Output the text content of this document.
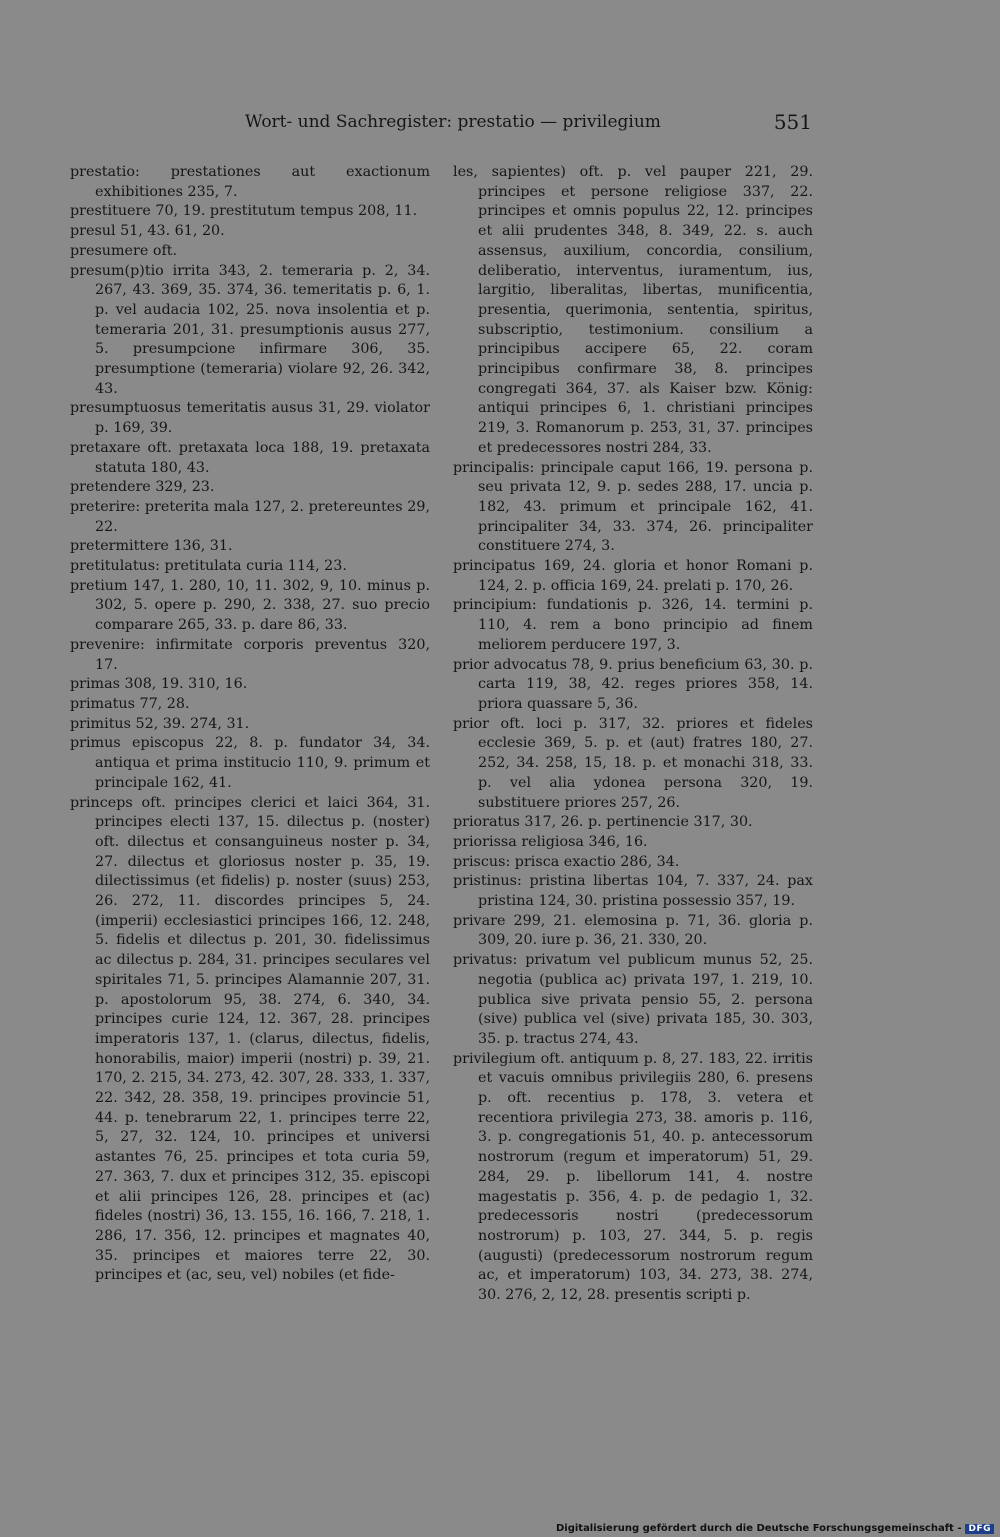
Wort- und Sachregister: prestatio — privilegium	551
prestatio: prestationes aut exactionum exhibitiones 235, 7.
prestituere 70, 19. prestitutum tempus 208, 11.
presul 51, 43. 61, 20.
presumere oft.
presum(p)tio irrita 343, 2. temeraria p. 2, 34. 267, 43. 369, 35. 374, 36. temeritatis p. 6, 1. p. vel audacia 102, 25. nova insolentia et p. temeraria 201, 31. presumptionis ausus 277, 5. presumpcione infirmare 306, 35. presumptione (temeraria) violare 92, 26. 342, 43.
presumptuosus temeritatis ausus 31, 29. violator p. 169, 39.
pretaxare oft. pretaxata loca 188, 19. pretaxata statuta 180, 43.
pretendere 329, 23.
preterire: preterita mala 127, 2. pretereuntes 29, 22.
pretermittere 136, 31.
pretitulatus: pretitulata curia 114, 23.
pretium 147, 1. 280, 10, 11. 302, 9, 10. minus p. 302, 5. opere p. 290, 2. 338, 27. suo precio comparare 265, 33. p. dare 86, 33.
prevenire: infirmitate corporis preventus 320, 17.
primas 308, 19. 310, 16.
primatus 77, 28.
primitus 52, 39. 274, 31.
primus episcopus 22, 8. p. fundator 34, 34. antiqua et prima institucio 110, 9. primum et principale 162, 41.
princeps oft. principes clerici et laici 364, 31. principes electi 137, 15. dilectus p. (noster) oft. dilectus et consanguineus noster p. 34, 27. dilectus et gloriosus noster p. 35, 19. dilectissimus (et fidelis) p. noster (suus) 253, 26. 272, 11. discordes principes 5, 24. (imperii) ecclesiastici principes 166, 12. 248, 5. fidelis et dilectus p. 201, 30. fidelissimus ac dilectus p. 284, 31. principes seculares vel spiritales 71, 5. principes Alamannie 207, 31. p. apostolorum 95, 38. 274, 6. 340, 34. principes curie 124, 12. 367, 28. principes imperatoris 137, 1. (clarus, dilectus, fidelis, honorabilis, maior) imperii (nostri) p. 39, 21. 170, 2. 215, 34. 273, 42. 307, 28. 333, 1. 337, 22. 342, 28. 358, 19. principes provincie 51, 44. p. tenebrarum 22, 1. principes terre 22, 5, 27, 32. 124, 10. principes et universi astantes 76, 25. principes et tota curia 59, 27. 363, 7. dux et principes 312, 35. episcopi et alii principes 126, 28. principes et (ac) fideles (nostri) 36, 13. 155, 16. 166, 7. 218, 1. 286, 17. 356, 12. principes et magnates 40, 35. principes et maiores terre 22, 30. principes et (ac, seu, vel) nobiles (et fide-
les, sapientes) oft. p. vel pauper 221, 29. principes et persone religiose 337, 22. principes et omnis populus 22, 12. principes et alii prudentes 348, 8. 349, 22. s. auch assensus, auxilium, concordia, consilium, deliberatio, interventus, iuramentum, ius, largitio, liberalitas, libertas, munificentia, presentia, querimonia, sententia, spiritus, subscriptio, testimonium. consilium a principibus accipere 65, 22. coram principibus confirmare 38, 8. principes congregati 364, 37. als Kaiser bzw. König: antiqui principes 6, 1. christiani principes 219, 3. Romanorum p. 253, 31, 37. principes et predecessores nostri 284, 33.
principalis: principale caput 166, 19. persona p. seu privata 12, 9. p. sedes 288, 17. uncia p. 182, 43. primum et principale 162, 41. principaliter 34, 33. 374, 26. principaliter constituere 274, 3.
principatus 169, 24. gloria et honor Romani p. 124, 2. p. officia 169, 24. prelati p. 170, 26.
principium: fundationis p. 326, 14. termini p. 110, 4. rem a bono principio ad finem meliorem perducere 197, 3.
prior advocatus 78, 9. prius beneficium 63, 30. p. carta 119, 38, 42. reges priores 358, 14. priora quassare 5, 36.
prior oft. loci p. 317, 32. priores et fideles ecclesie 369, 5. p. et (aut) fratres 180, 27. 252, 34. 258, 15, 18. p. et monachi 318, 33. p. vel alia ydonea persona 320, 19. substituere priores 257, 26.
prioratus 317, 26. p. pertinencie 317, 30.
priorissa religiosa 346, 16.
priscus: prisca exactio 286, 34.
pristinus: pristina libertas 104, 7. 337, 24. pax pristina 124, 30. pristina possessio 357, 19.
privare 299, 21. elemosina p. 71, 36. gloria p. 309, 20. iure p. 36, 21. 330, 20.
privatus: privatum vel publicum munus 52, 25. negotia (publica ac) privata 197, 1. 219, 10. publica sive privata pensio 55, 2. persona (sive) publica vel (sive) privata 185, 30. 303, 35. p. tractus 274, 43.
privilegium oft. antiquum p. 8, 27. 183, 22. irritis et vacuis omnibus privilegiis 280, 6. presens p. oft. recentius p. 178, 3. vetera et recentiora privilegia 273, 38. amoris p. 116, 3. p. congregationis 51, 40. p. antecessorum nostrorum (regum et imperatorum) 51, 29. 284, 29. p. libellorum 141, 4. nostre magestatis p. 356, 4. p. de pedagio 1, 32. predecessoris nostri (predecessorum nostrorum) p. 103, 27. 344, 5. p. regis (augusti) (predecessorum nostrorum regum ac, et imperatorum) 103, 34. 273, 38. 274, 30. 276, 2, 12, 28. presentis scripti p.
Digitalisierung gefördert durch die Deutsche Forschungsgemeinschaft - DFG
